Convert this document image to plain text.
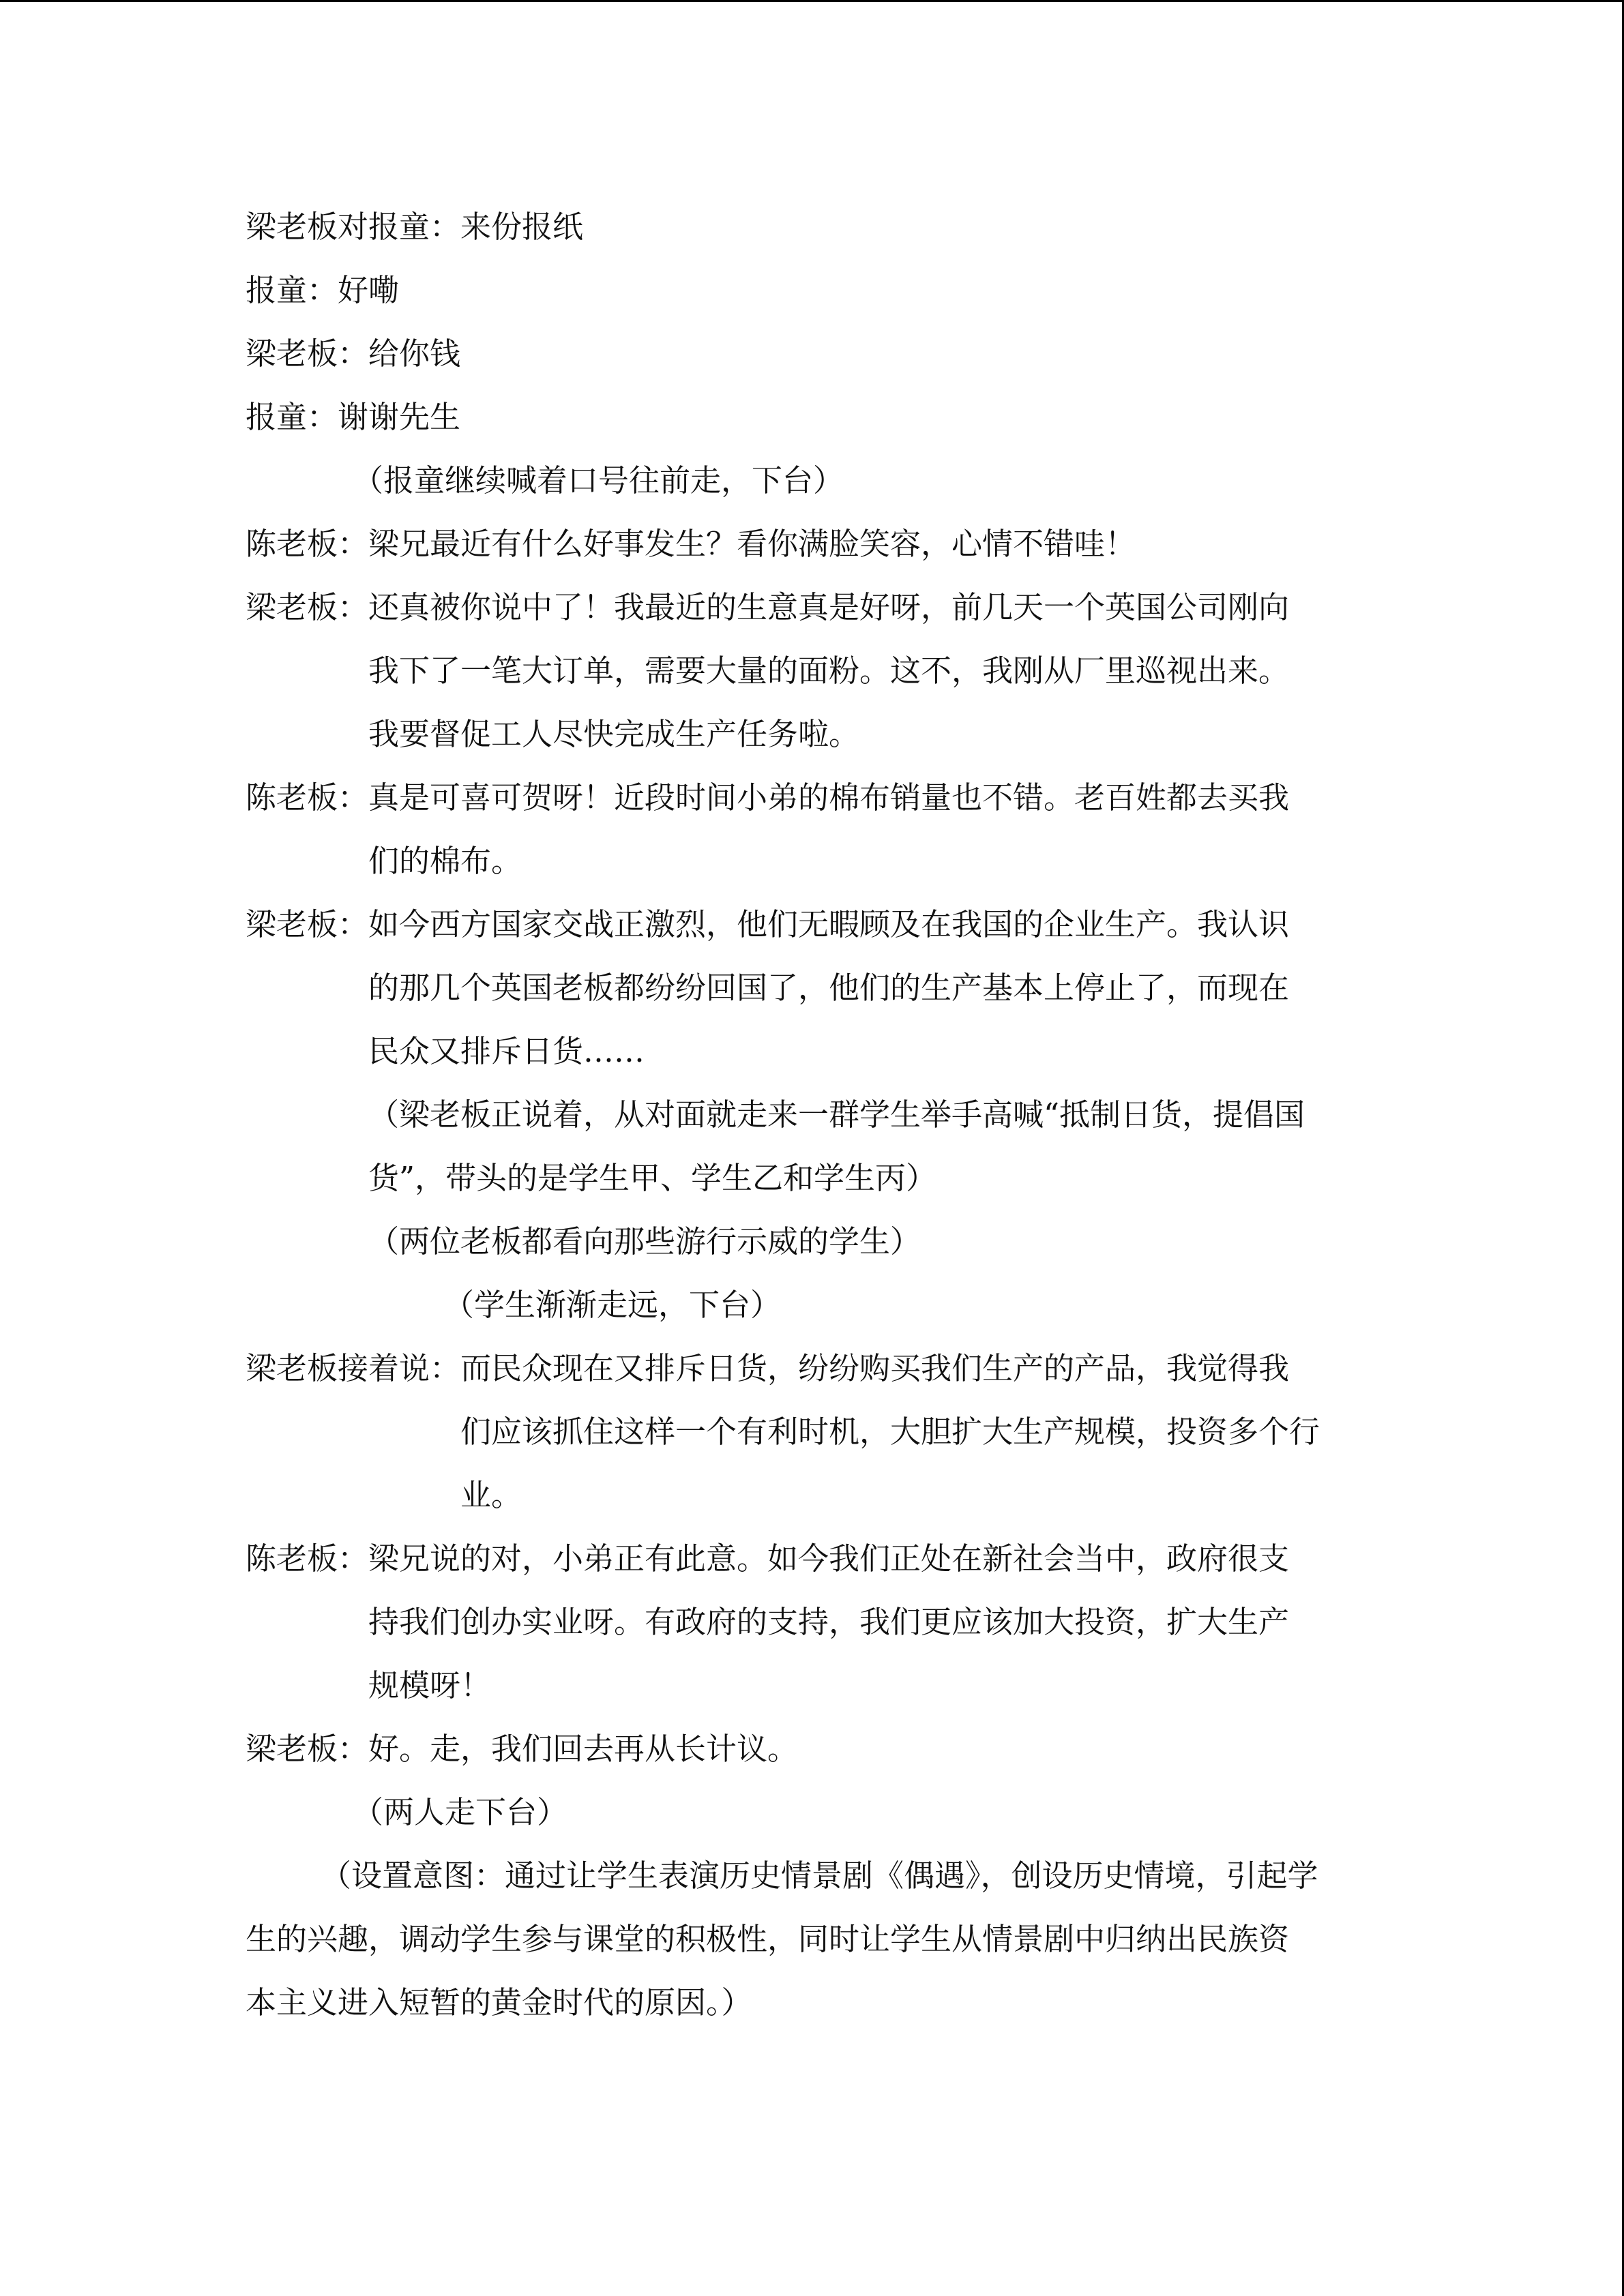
梁老板对报童： 来份报纸
报童： 好嘞
梁老板： 给你钱
报童： 谢谢先生
（报童继续喊着口号往前走，下台）
陈老板： 梁兄最近有什么好事发生？看你满脸笑容，心情不错哇！
梁老板： 还真被你说中了！我最近的生意真是好呀，前几天一个英国公司刚向
我下了一笔大订单，需要大量的面粉。这不，我刚从厂里巡视出来。
我要督促工人尽快完成生产任务啦。
陈老板： 真是可喜可贺呀！近段时间小弟的棉布销量也不错。老百姓都去买我
们的棉布。
梁老板： 如今西方国家交战正激烈，他们无暇顾及在我国的企业生产。我认识
的那几个英国老板都纷纷回国了，他们的生产基本上停止了，而现在
民众又排斥日货……
（梁老板正说着，从对面就走来一群学生举手高喊“抵制日货，提倡国
货”，带头的是学生甲、学生乙和学生丙）
（两位老板都看向那些游行示威的学生）
（学生渐渐走远，下台）
梁老板接着说： 而民众现在又排斥日货，纷纷购买我们生产的产品，我觉得我
们应该抓住这样一个有利时机，大胆扩大生产规模，投资多个行
业。
陈老板： 梁兄说的对，小弟正有此意。如今我们正处在新社会当中，政府很支
持我们创办实业呀。有政府的支持，我们更应该加大投资，扩大生产
规模呀！
梁老板： 好。走，我们回去再从长计议。
（两人走下台）
（设置意图：通过让学生表演历史情景剧《偶遇》，创设历史情境，引起学
生的兴趣，调动学生参与课堂的积极性，同时让学生从情景剧中归纳出民族资
本主义进入短暂的黄金时代的原因。）
